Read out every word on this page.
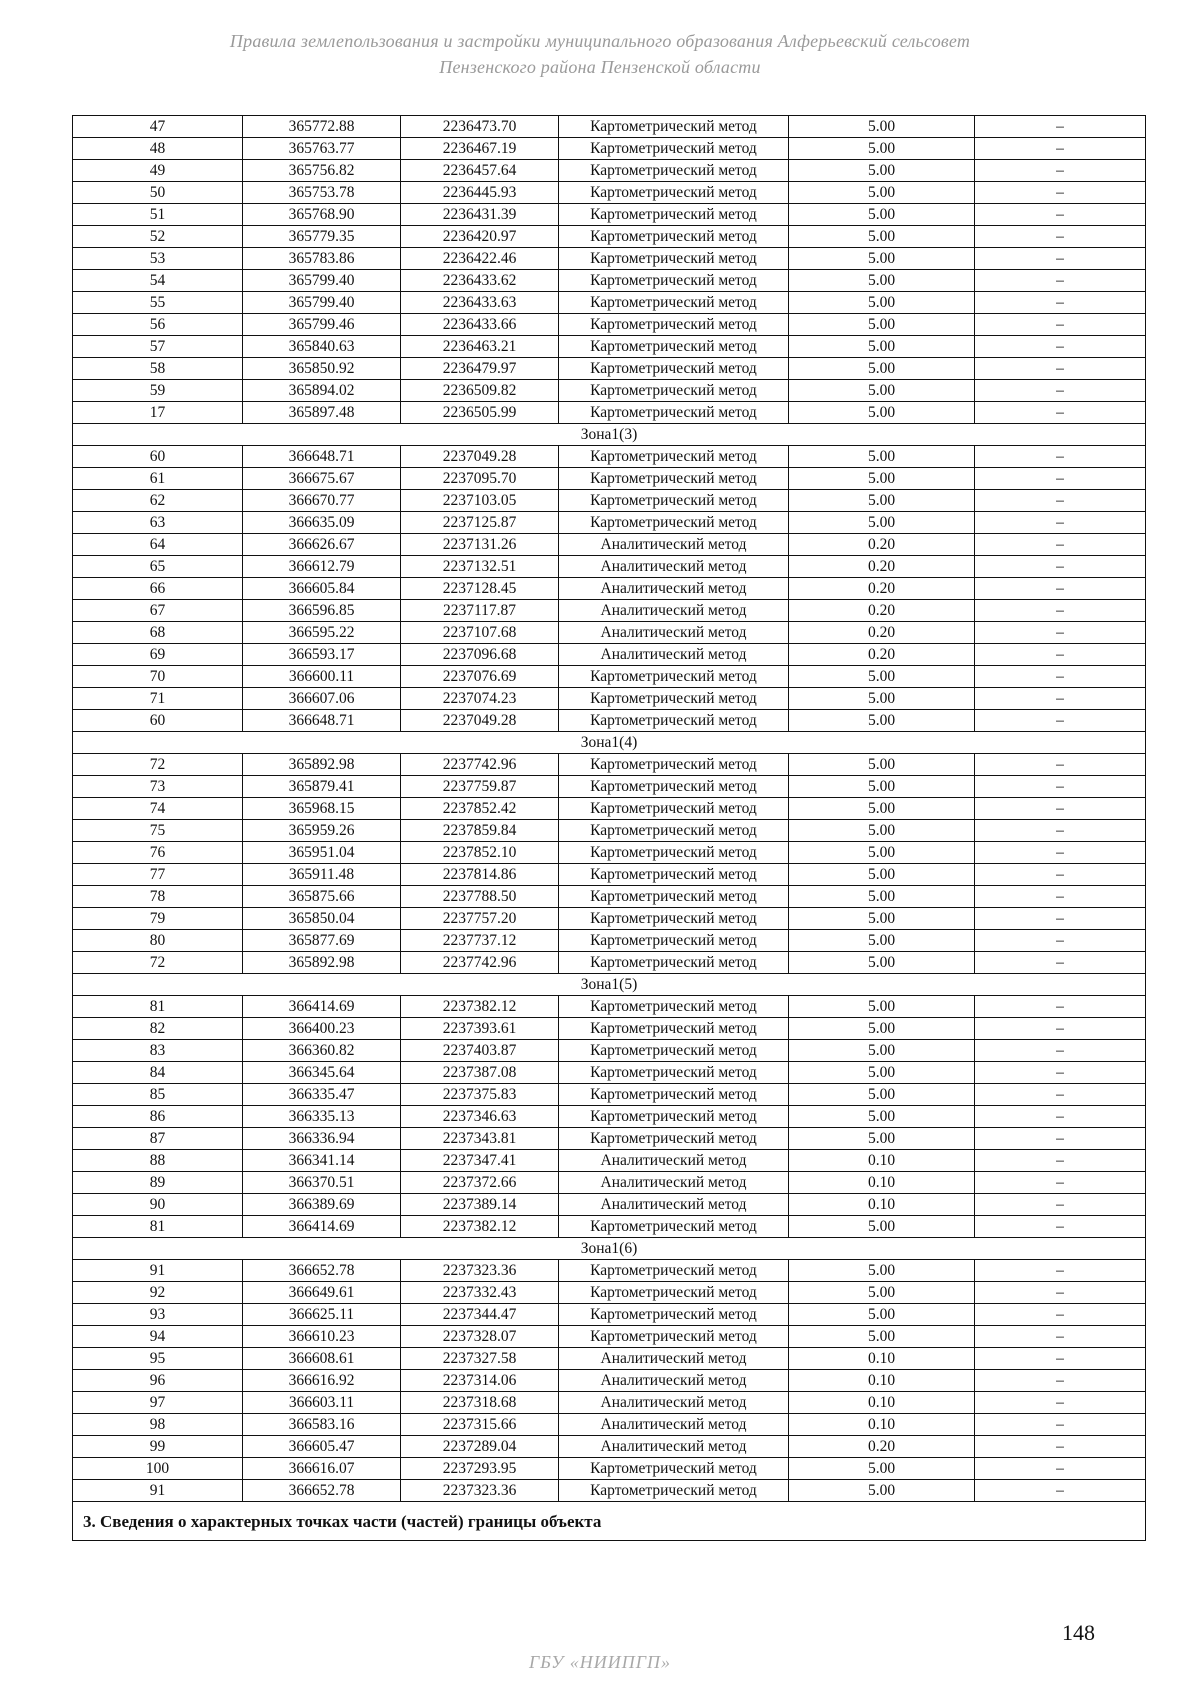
Правила землепользования и застройки муниципального образования Алферьевский сельсовет
Пензенского района Пензенской области
47	365772.88	2236473.70	Картометрический метод	5.00	–
48	365763.77	2236467.19	Картометрический метод	5.00	–
49	365756.82	2236457.64	Картометрический метод	5.00	–
50	365753.78	2236445.93	Картометрический метод	5.00	–
51	365768.90	2236431.39	Картометрический метод	5.00	–
52	365779.35	2236420.97	Картометрический метод	5.00	–
53	365783.86	2236422.46	Картометрический метод	5.00	–
54	365799.40	2236433.62	Картометрический метод	5.00	–
55	365799.40	2236433.63	Картометрический метод	5.00	–
56	365799.46	2236433.66	Картометрический метод	5.00	–
57	365840.63	2236463.21	Картометрический метод	5.00	–
58	365850.92	2236479.97	Картометрический метод	5.00	–
59	365894.02	2236509.82	Картометрический метод	5.00	–
17	365897.48	2236505.99	Картометрический метод	5.00	–
Зона1(3)					
60	366648.71	2237049.28	Картометрический метод	5.00	–
61	366675.67	2237095.70	Картометрический метод	5.00	–
62	366670.77	2237103.05	Картометрический метод	5.00	–
63	366635.09	2237125.87	Картометрический метод	5.00	–
64	366626.67	2237131.26	Аналитический метод	0.20	–
65	366612.79	2237132.51	Аналитический метод	0.20	–
66	366605.84	2237128.45	Аналитический метод	0.20	–
67	366596.85	2237117.87	Аналитический метод	0.20	–
68	366595.22	2237107.68	Аналитический метод	0.20	–
69	366593.17	2237096.68	Аналитический метод	0.20	–
70	366600.11	2237076.69	Картометрический метод	5.00	–
71	366607.06	2237074.23	Картометрический метод	5.00	–
60	366648.71	2237049.28	Картометрический метод	5.00	–
Зона1(4)					
72	365892.98	2237742.96	Картометрический метод	5.00	–
73	365879.41	2237759.87	Картометрический метод	5.00	–
74	365968.15	2237852.42	Картометрический метод	5.00	–
75	365959.26	2237859.84	Картометрический метод	5.00	–
76	365951.04	2237852.10	Картометрический метод	5.00	–
77	365911.48	2237814.86	Картометрический метод	5.00	–
78	365875.66	2237788.50	Картометрический метод	5.00	–
79	365850.04	2237757.20	Картометрический метод	5.00	–
80	365877.69	2237737.12	Картометрический метод	5.00	–
72	365892.98	2237742.96	Картометрический метод	5.00	–
Зона1(5)					
81	366414.69	2237382.12	Картометрический метод	5.00	–
82	366400.23	2237393.61	Картометрический метод	5.00	–
83	366360.82	2237403.87	Картометрический метод	5.00	–
84	366345.64	2237387.08	Картометрический метод	5.00	–
85	366335.47	2237375.83	Картометрический метод	5.00	–
86	366335.13	2237346.63	Картометрический метод	5.00	–
87	366336.94	2237343.81	Картометрический метод	5.00	–
88	366341.14	2237347.41	Аналитический метод	0.10	–
89	366370.51	2237372.66	Аналитический метод	0.10	–
90	366389.69	2237389.14	Аналитический метод	0.10	–
81	366414.69	2237382.12	Картометрический метод	5.00	–
Зона1(6)					
91	366652.78	2237323.36	Картометрический метод	5.00	–
92	366649.61	2237332.43	Картометрический метод	5.00	–
93	366625.11	2237344.47	Картометрический метод	5.00	–
94	366610.23	2237328.07	Картометрический метод	5.00	–
95	366608.61	2237327.58	Аналитический метод	0.10	–
96	366616.92	2237314.06	Аналитический метод	0.10	–
97	366603.11	2237318.68	Аналитический метод	0.10	–
98	366583.16	2237315.66	Аналитический метод	0.10	–
99	366605.47	2237289.04	Аналитический метод	0.20	–
100	366616.07	2237293.95	Картометрический метод	5.00	–
91	366652.78	2237323.36	Картометрический метод	5.00	–
3. Сведения о характерных точках части (частей) границы объекта					
148
ГБУ «НИИПГП»
